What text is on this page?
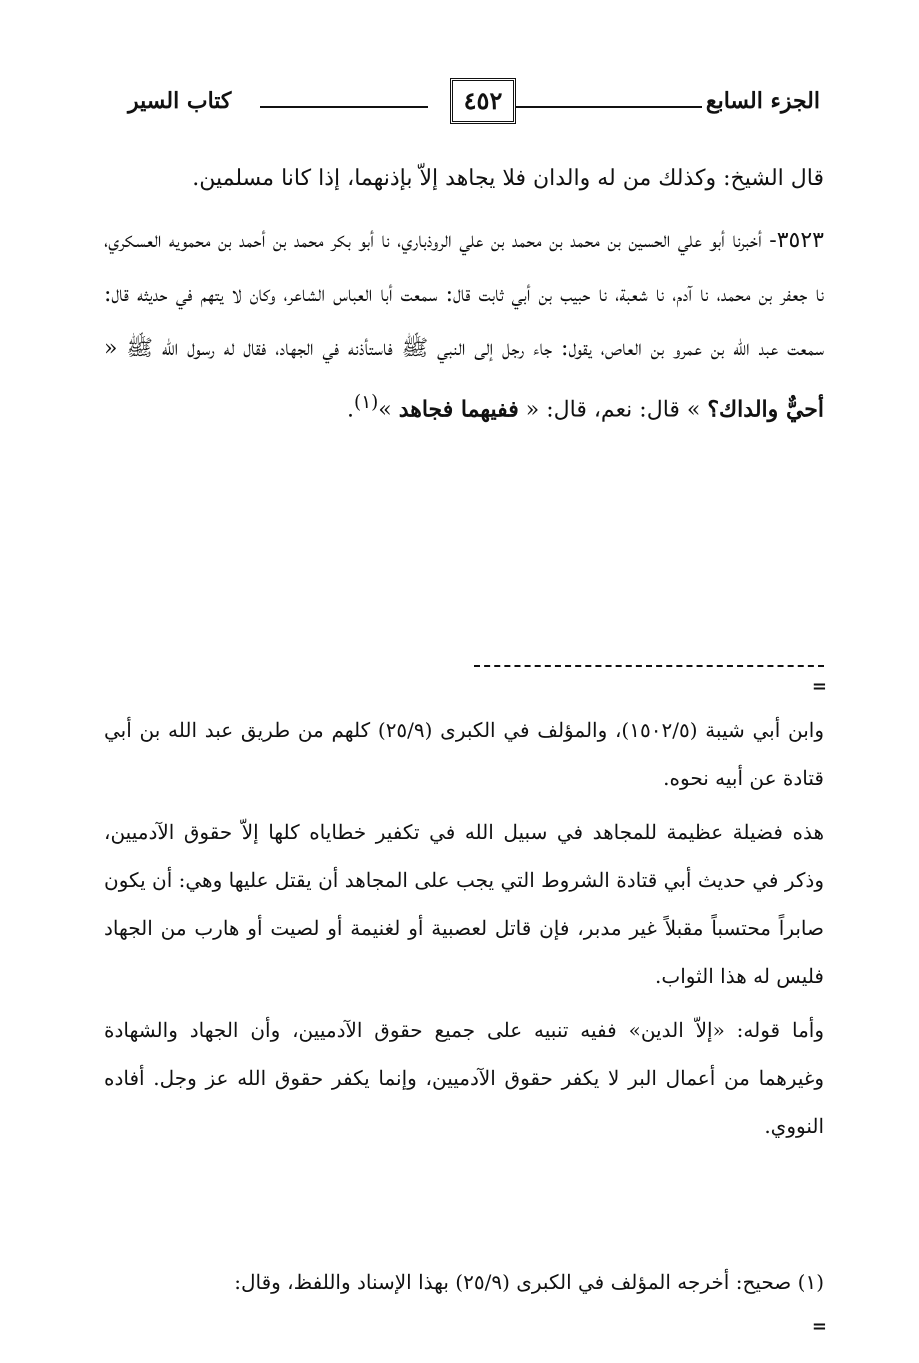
الجزء السابع
٤٥٢
كتاب السير

قال الشيخ: وكذلك من له والدان فلا يجاهد إلاّ بإذنهما، إذا كانا مسلمين.

٣٥٢٣- أخبرنا أبو علي الحسين بن محمد بن محمد بن علي الروذباري، نا أبو بكر محمد بن أحمد بن محمويه العسكري، نا جعفر بن محمد، نا آدم، نا شعبة، نا حبيب بن أبي ثابت قال: سمعت أبا العباس الشاعر، وكان لا يتهم في حديثه قال: سمعت عبد الله بن عمرو بن العاص، يقول: جاء رجل إلى النبي ﷺ فاستأذنه في الجهاد، فقال له رسول الله ﷺ « أحيٌّ والداك؟ » قال: نعم، قال: « ففيهما فجاهد »$^{(١)}$.

=

وابن أبي شيبة (١٥٠٢/٥)، والمؤلف في الكبرى (٢٥/٩) كلهم من طريق عبد الله بن أبي قتادة عن أبيه نحوه.

هذه فضيلة عظيمة للمجاهد في سبيل الله في تكفير خطاياه كلها إلاّ حقوق الآدميين، وذكر في حديث أبي قتادة الشروط التي يجب على المجاهد أن يقتل عليها وهي: أن يكون صابراً محتسباً مقبلاً غير مدبر، فإن قاتل لعصبية أو لغنيمة أو لصيت أو هارب من الجهاد فليس له هذا الثواب.

وأما قوله: «إلاّ الدين» ففيه تنبيه على جميع حقوق الآدميين، وأن الجهاد والشهادة وغيرهما من أعمال البر لا يكفر حقوق الآدميين، وإنما يكفر حقوق الله عز وجل. أفاده النووي.

(١) صحيح: أخرجه المؤلف في الكبرى (٢٥/٩) بهذا الإسناد واللفظ، وقال:
=
